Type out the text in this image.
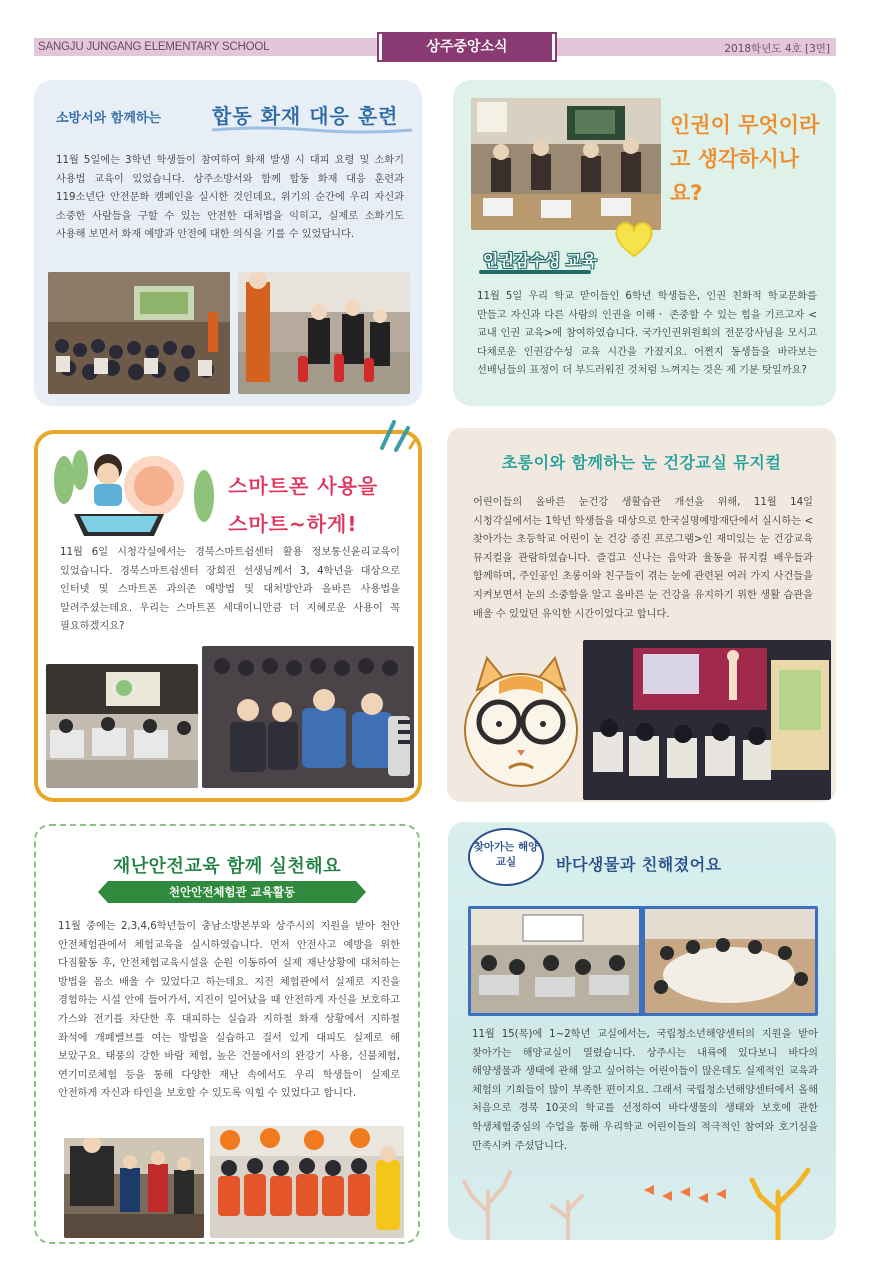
SANGJU JUNGANG ELEMENTARY SCHOOL	상주중앙소식	2018학년도 4호 [3면]
소방서와 함께하는	합동 화재 대응 훈련
11월 5일에는 3학년 학생들이 참여하여 화재 발생 시 대피 요령 및 소화기 사용법 교육이 있었습니다. 상주소방서와 함께 합동 화재 대응 훈련과 119소년단 안전문화 캠페인을 실시한 것인데요, 위기의 순간에 우리 자신과 소중한 사람들을 구할 수 있는 안전한 대처법을 익히고, 실제로 소화기도 사용해 보면서 화재 예방과 안전에 대한 의식을 기를 수 있었답니다.
인권이 무엇이라고 생각하시나요?
인권감수성 교육
11월 5일 우리 학교 맏이들인 6학년 학생들은, 인권 친화적 학교문화를 만들고 자신과 다른 사람의 인권을 이해ㆍ 존중할 수 있는 힘을 기르고자 <교내 인권 교육>에 참여하였습니다. 국가인권위원회의 전문강사님을 모시고 다채로운 인권감수성 교육 시간을 가졌지요. 어쩐지 동생들을 바라보는 선배님들의 표정이 더 부드러워진 것처럼 느껴지는 것은 제 기분 탓일까요?
스마트폰 사용을
스마트~하게!
11월 6일 시청각실에서는 경북스마트쉼센터 활용 정보통신윤리교육이 있었습니다. 경북스마트쉼센터 장희진 선생님께서 3, 4학년을 대상으로 인터넷 및 스마트폰 과의존 예방법 및 대처방안과 올바른 사용법을 알려주셨는데요. 우리는 스마트폰 세대이니만큼 더 지혜로운 사용이 꼭 필요하겠지요?
초롱이와 함께하는 눈 건강교실 뮤지컬
어린이들의 올바른 눈건강 생활습관 개선을 위해, 11월 14일 시청각실에서는 1학년 학생들을 대상으로 한국실명예방재단에서 실시하는 <찾아가는 초등학교 어린이 눈 건강 증진 프로그램>인 재미있는 눈 건강교육 뮤지컬을 관람하였습니다. 즐겁고 신나는 음악과 율동을 뮤지컬 배우들과 함께하며, 주인공인 초롱이와 친구들이 겪는 눈에 관련된 여러 가지 사건들을 지켜보면서 눈의 소중함을 알고 올바른 눈 건강을 유지하기 위한 생활 습관을 배울 수 있었던 유익한 시간이었다고 합니다.
재난안전교육 함께 실천해요
천안안전체험관 교육활동
11월 중에는 2,3,4,6학년들이 충남소방본부와 상주시의 지원을 받아 천안 안전체험관에서 체험교육을 실시하였습니다. 먼저 안전사고 예방을 위한 다짐활동 후, 안전체험교육시설을 순원 이동하여 실제 재난상황에 대처하는 방법을 몸소 배울 수 있었다고 하는데요. 지진 체험관에서 실제로 지진을 경험하는 시설 안에 들어가서, 지진이 일어났을 때 안전하게 자신을 보호하고 가스와 전기를 차단한 후 대피하는 실습과 지하철 화재 상황에서 지하철 좌석에 개폐밸브를 여는 방법을 실습하고 질서 있게 대피도 실제로 해 보았구요. 태풍의 강한 바람 체험, 높은 건물에서의 완강기 사용, 신불체험, 연기미로체험 등을 통해 다양한 재난 속에서도 우리 학생들이 실제로 안전하게 자신과 타인을 보호할 수 있도록 익힐 수 있었다고 합니다.
찾아가는 해양교실	바다생물과 친해졌어요
11월 15(목)에 1~2학년 교실에서는, 국립청소년해양센터의 지원을 받아 찾아가는 해양교실이 열렸습니다. 상주시는 내륙에 있다보니 바다의 해양생물과 생태에 관해 알고 싶어하는 어린이들이 많은데도 실제적인 교육과 체험의 기회들이 많이 부족한 편이지요. 그래서 국립청소년해양센터에서 올해 처음으로 경북 10곳의 학교를 선정하여 바다생물의 생태와 보호에 관한 학생체험중심의 수업을 통해 우리학교 어린이들의 적극적인 참여와 호기심을 만족시켜 주셨답니다.
